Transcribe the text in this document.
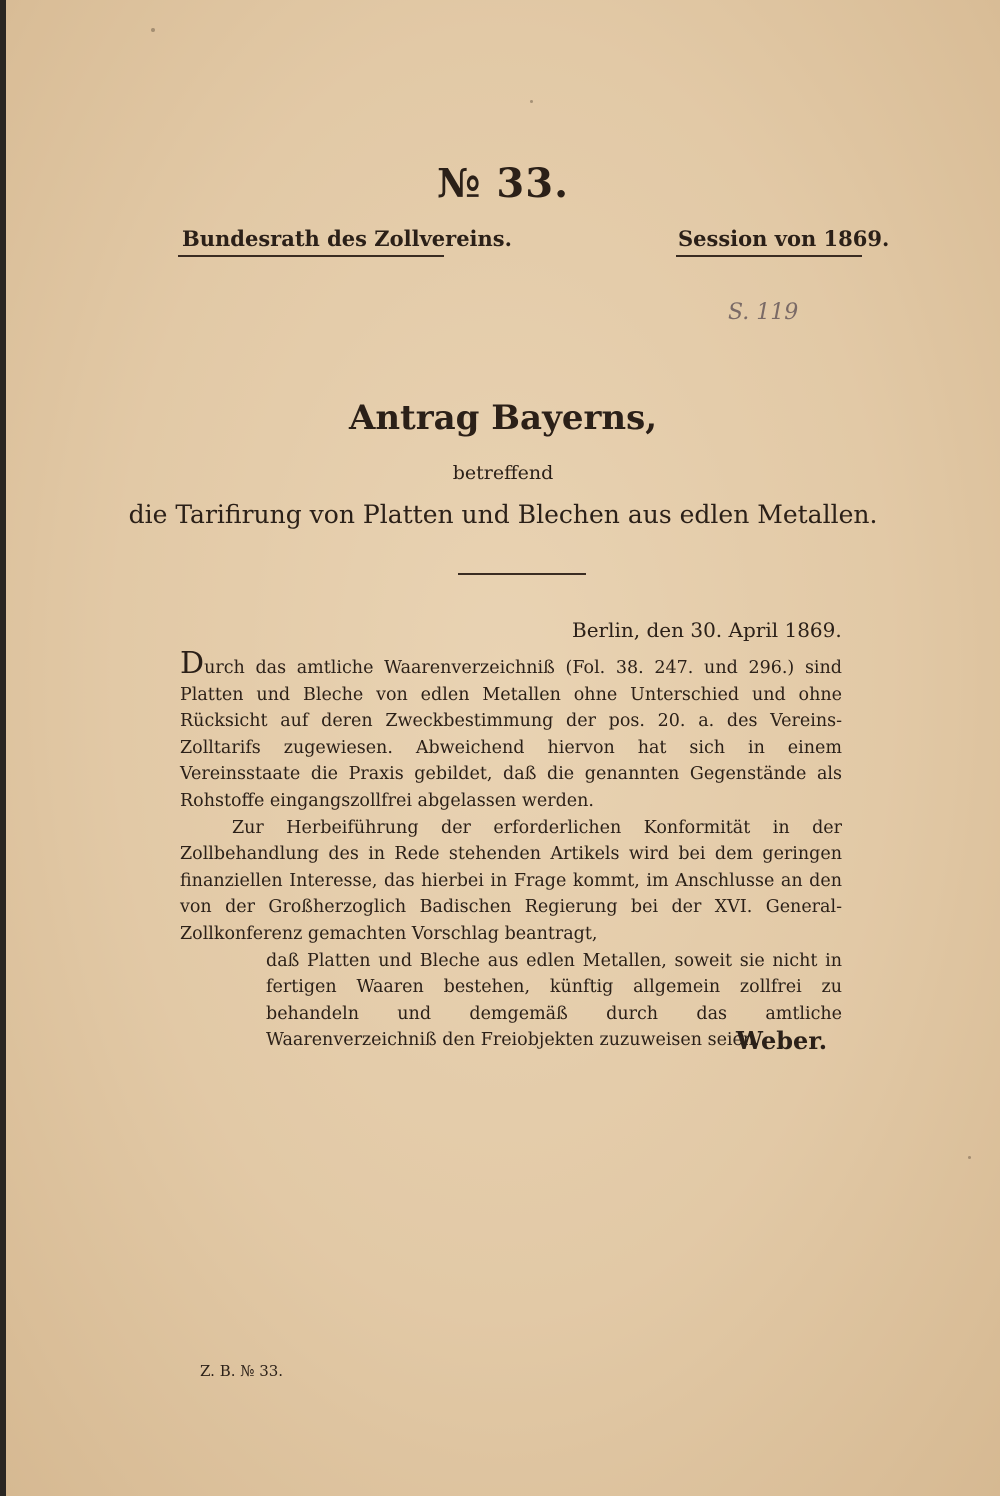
№ 33.
Bundesrath des Zollvereins.	Session von 1869.
S. 119
Antrag Bayerns,
betreffend
die Tarifirung von Platten und Blechen aus edlen Metallen.
Berlin, den 30. April 1869.

Durch das amtliche Waarenverzeichniß (Fol. 38. 247. und 296.) sind Platten und Bleche von edlen Metallen ohne Unterschied und ohne Rücksicht auf deren Zweckbestimmung der pos. 20. a. des Vereins-Zolltarifs zugewiesen. Abweichend hiervon hat sich in einem Vereinsstaate die Praxis gebildet, daß die genannten Gegenstände als Rohstoffe eingangszollfrei abgelassen werden.

Zur Herbeiführung der erforderlichen Konformität in der Zollbehandlung des in Rede stehenden Artikels wird bei dem geringen finanziellen Interesse, das hierbei in Frage kommt, im Anschlusse an den von der Großherzoglich Badischen Regierung bei der XVI. General-Zollkonferenz gemachten Vorschlag beantragt,

daß Platten und Bleche aus edlen Metallen, soweit sie nicht in fertigen Waaren bestehen, künftig allgemein zollfrei zu behandeln und demgemäß durch das amtliche Waarenverzeichniß den Freiobjekten zuzuweisen seien.

Weber.
Z. B. № 33.
